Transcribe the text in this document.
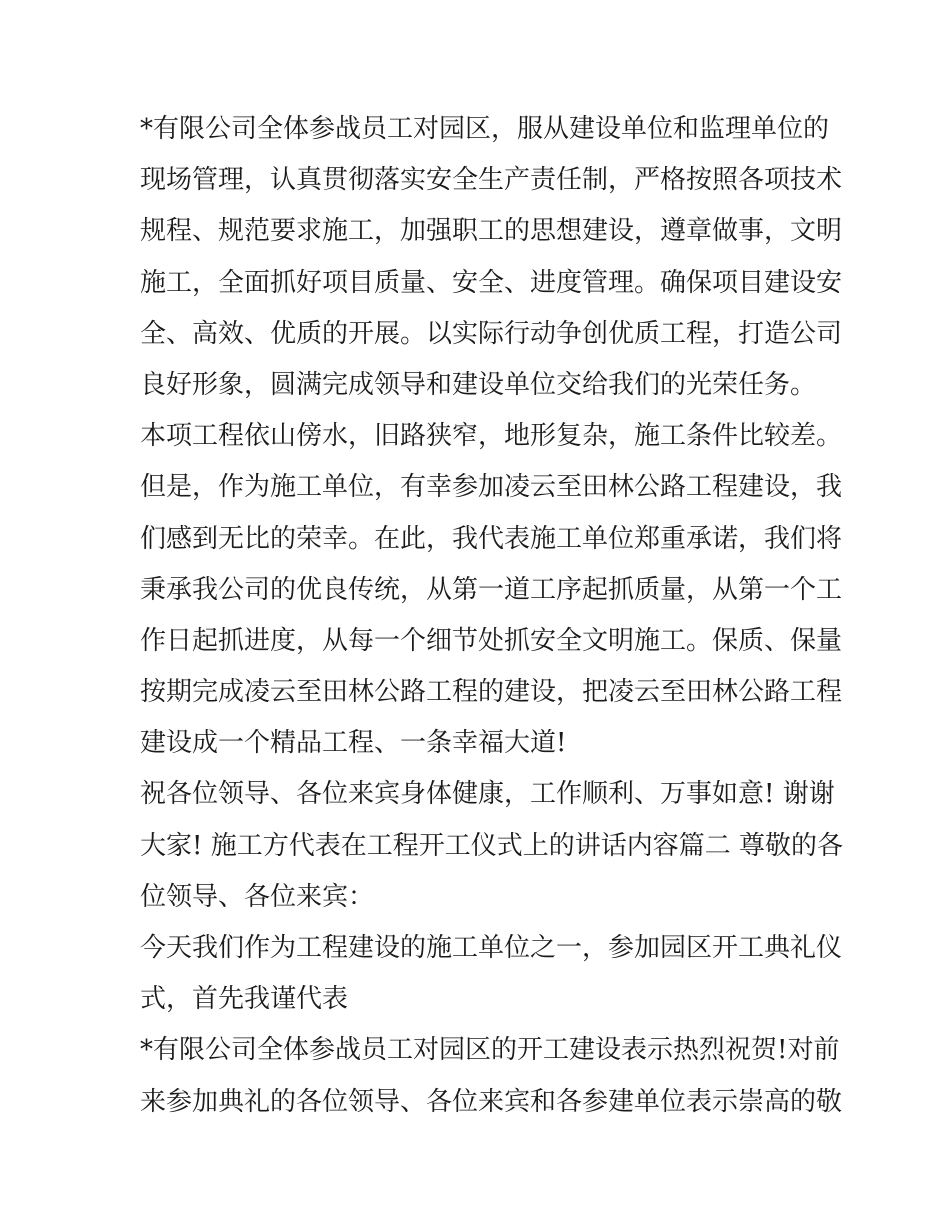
*有限公司全体参战员工对园区，服从建设单位和监理单位的
现场管理，认真贯彻落实安全生产责任制，严格按照各项技术
规程、规范要求施工，加强职工的思想建设，遵章做事，文明
施工，全面抓好项目质量、安全、进度管理。确保项目建设安
全、高效、优质的开展。以实际行动争创优质工程，打造公司
良好形象，圆满完成领导和建设单位交给我们的光荣任务。
本项工程依山傍水，旧路狭窄，地形复杂，施工条件比较差。
但是，作为施工单位，有幸参加凌云至田林公路工程建设，我
们感到无比的荣幸。在此，我代表施工单位郑重承诺，我们将
秉承我公司的优良传统，从第一道工序起抓质量，从第一个工
作日起抓进度，从每一个细节处抓安全文明施工。保质、保量
按期完成凌云至田林公路工程的建设，把凌云至田林公路工程
建设成一个精品工程、一条幸福大道!
祝各位领导、各位来宾身体健康，工作顺利、万事如意! 谢谢
大家! 施工方代表在工程开工仪式上的讲话内容篇二 尊敬的各
位领导、各位来宾：
今天我们作为工程建设的施工单位之一，参加园区开工典礼仪
式，首先我谨代表
*有限公司全体参战员工对园区的开工建设表示热烈祝贺!对前
来参加典礼的各位领导、各位来宾和各参建单位表示崇高的敬
